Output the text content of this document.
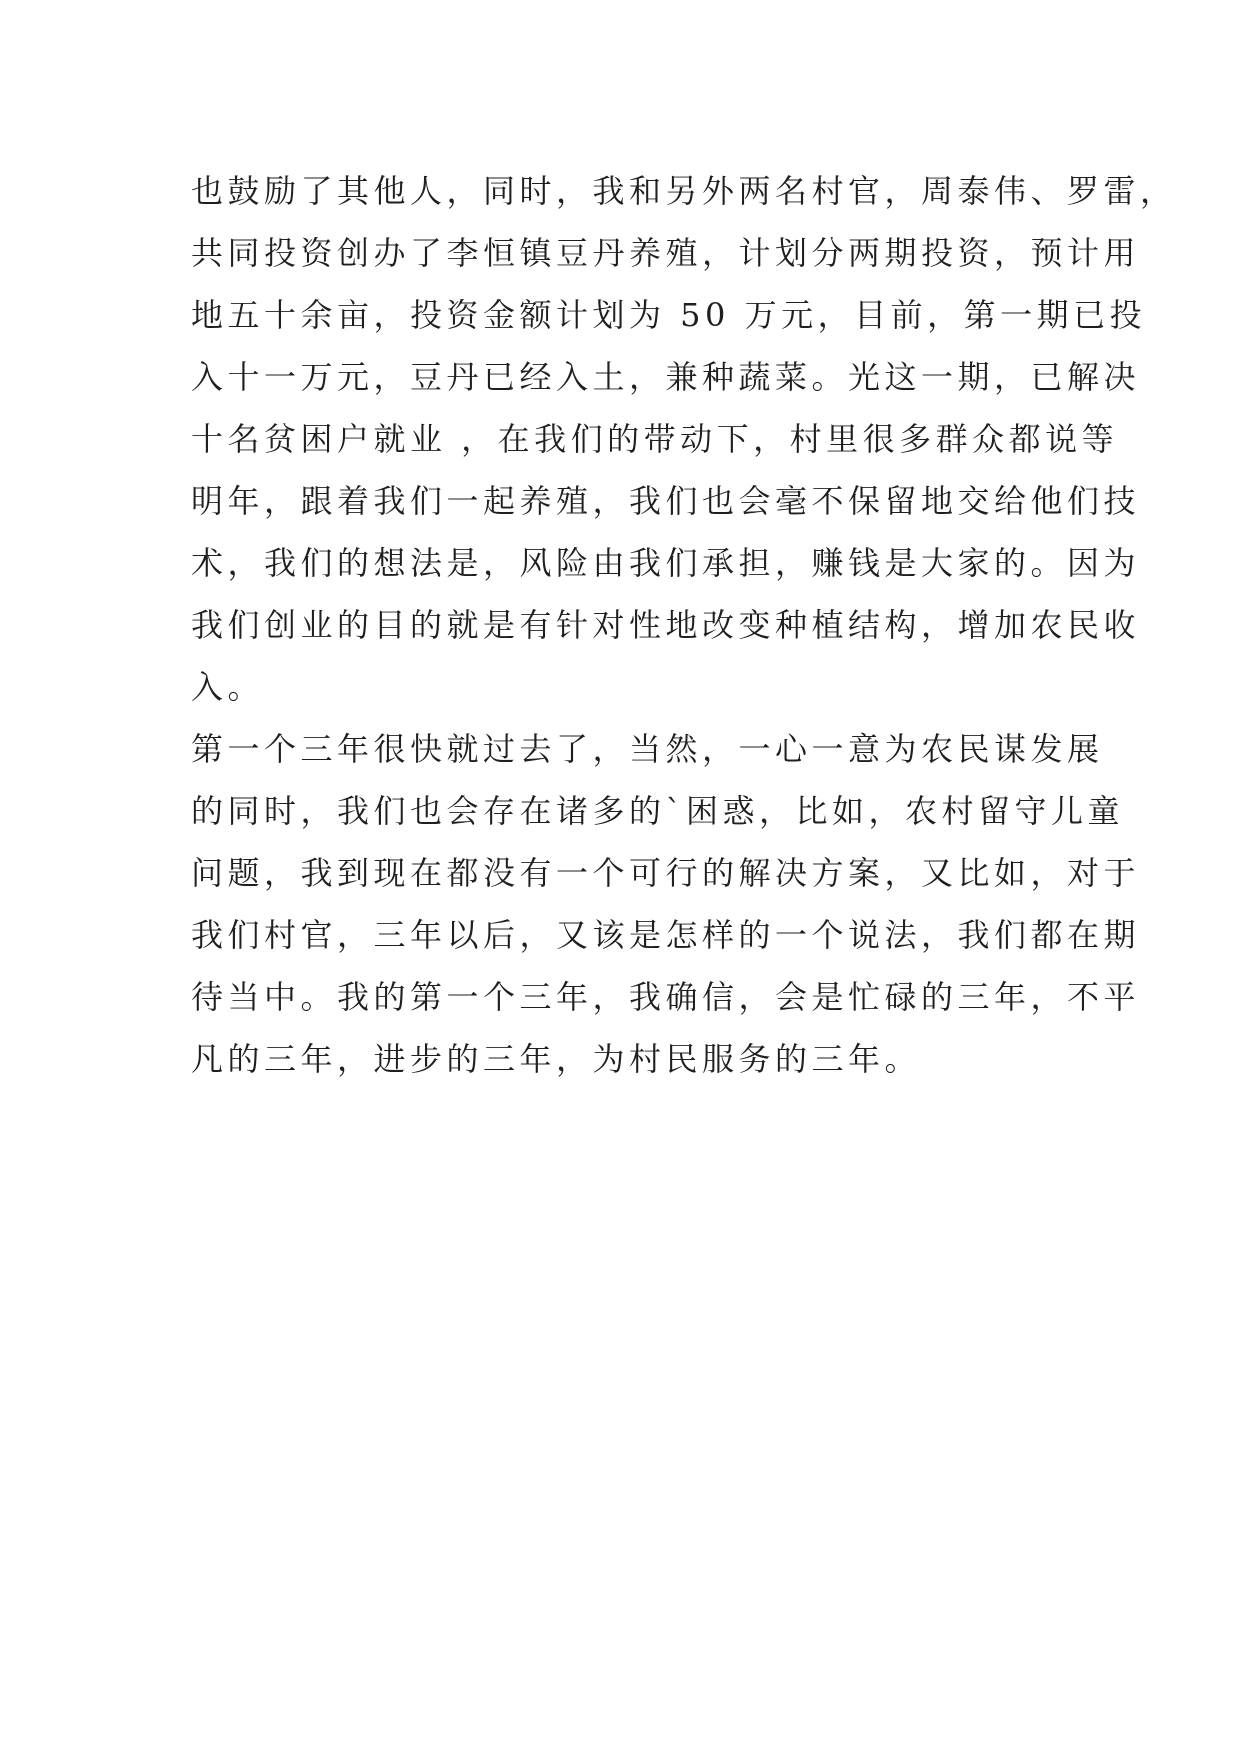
也鼓励了其他人，同时，我和另外两名村官，周泰伟、罗雷，
共同投资创办了李恒镇豆丹养殖，计划分两期投资，预计用
地五十余亩，投资金额计划为 50 万元，目前，第一期已投
入十一万元，豆丹已经入土，兼种蔬菜。光这一期，已解决
十名贫困户就业 ，在我们的带动下，村里很多群众都说等
明年，跟着我们一起养殖，我们也会毫不保留地交给他们技
术，我们的想法是，风险由我们承担，赚钱是大家的。因为
我们创业的目的就是有针对性地改变种植结构，增加农民收
入。
第一个三年很快就过去了，当然，一心一意为农民谋发展
的同时，我们也会存在诸多的`困惑，比如，农村留守儿童
问题，我到现在都没有一个可行的解决方案，又比如，对于
我们村官，三年以后，又该是怎样的一个说法，我们都在期
待当中。我的第一个三年，我确信，会是忙碌的三年，不平
凡的三年，进步的三年，为村民服务的三年。
